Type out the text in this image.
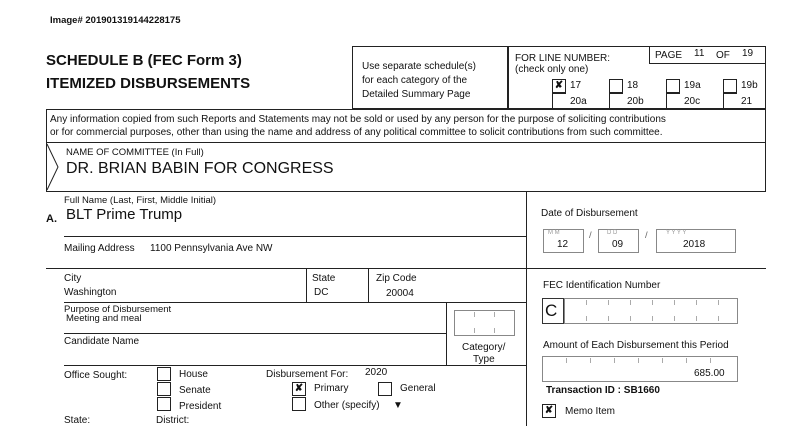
Image# 201901319144228175
SCHEDULE B (FEC Form 3)
ITEMIZED DISBURSEMENTS
Use separate schedule(s)
for each category of the
Detailed Summary Page
FOR LINE NUMBER:
(check only one)
PAGE 11 OF 19
✘ 17
20a
18
20b
19a
20c
19b
21
Any information copied from such Reports and Statements may not be sold or used by any person for the purpose of soliciting contributions
or for commercial purposes, other than using the name and address of any political committee to solicit contributions from such committee.
NAME OF COMMITTEE (In Full)
DR. BRIAN BABIN FOR CONGRESS
Full Name (Last, First, Middle Initial)
A. BLT Prime Trump
Mailing Address 1100 Pennsylvania Ave NW
City
Washington
State
DC
Zip Code
20004
Purpose of Disbursement
Meeting and meal
Candidate Name
Category/
Type
Office Sought:	House
Senate
President
Disbursement For: 2020
✘ Primary	General
Other (specify) ▼
State:	District:
Date of Disbursement
M M
12
/	D D
09
/	Y Y Y Y
2018
FEC Identification Number
C
Amount of Each Disbursement this Period
685.00
Transaction ID : SB1660
✘ Memo Item
